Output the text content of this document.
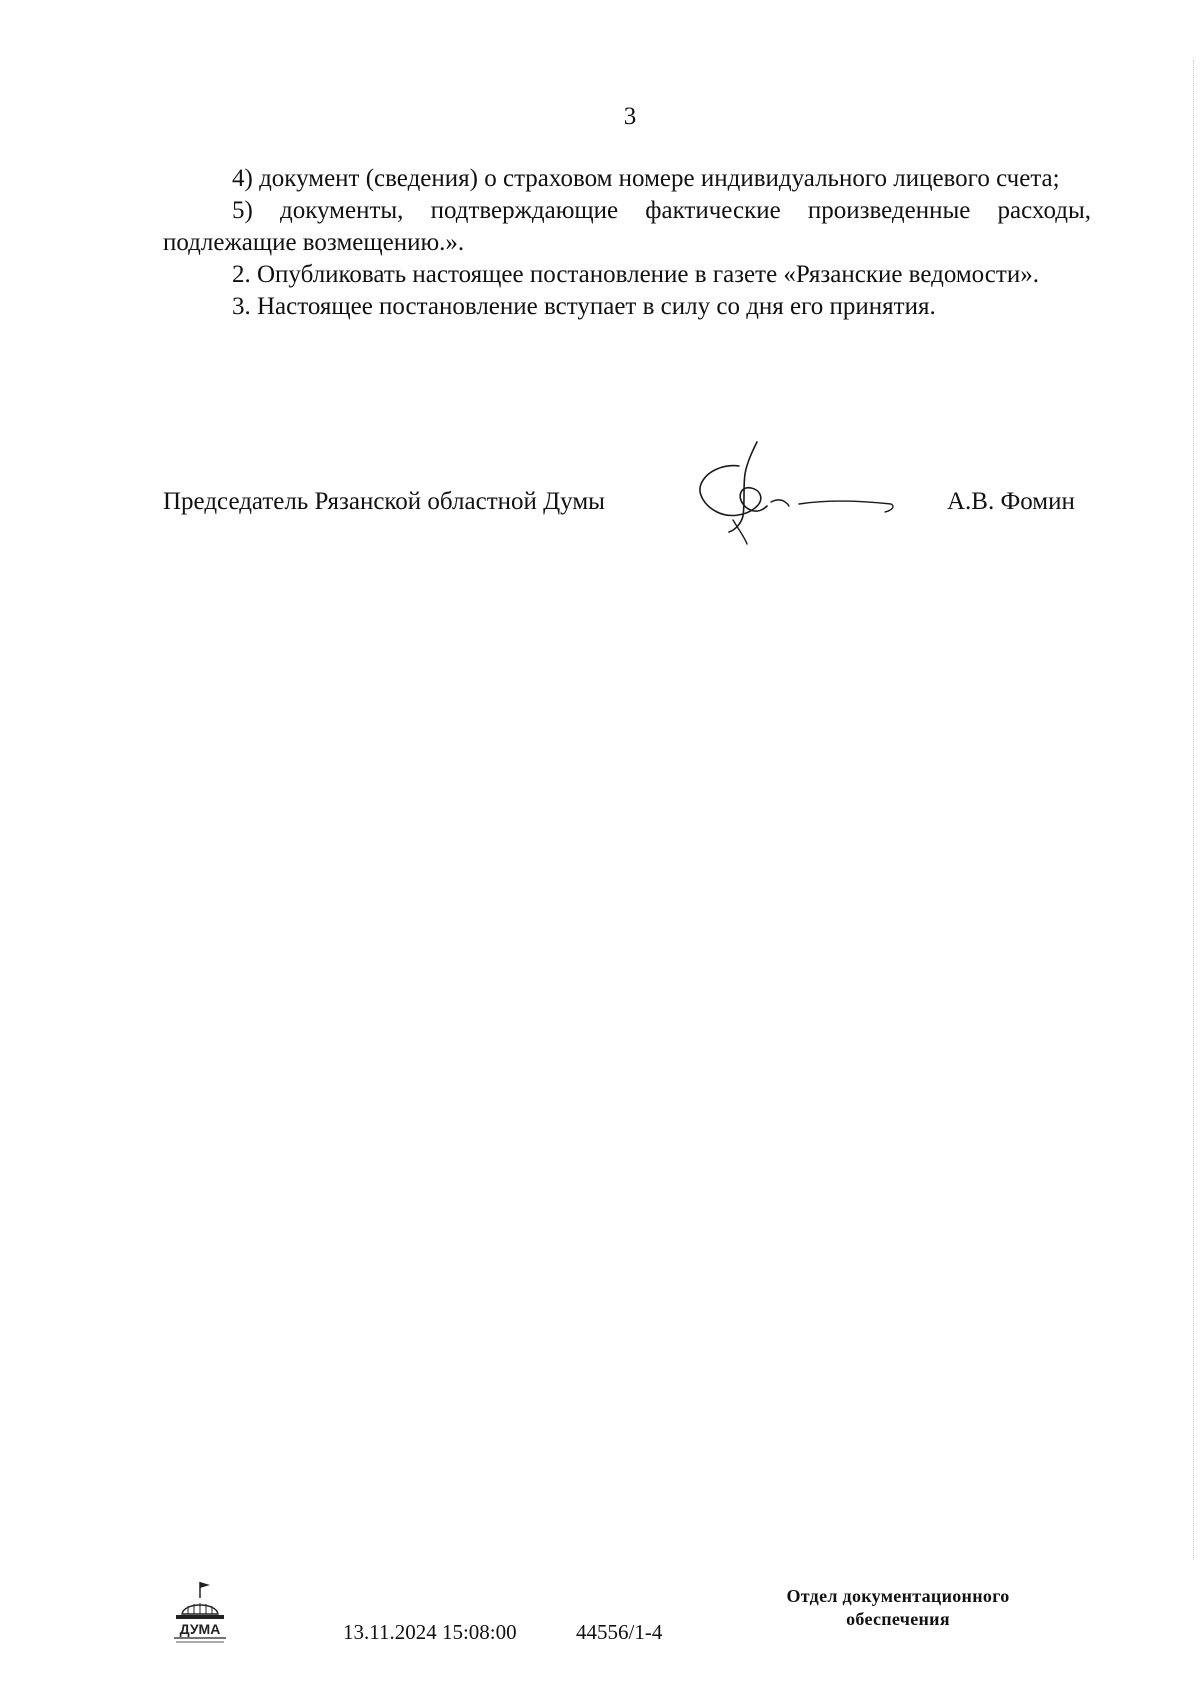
3

4) документ (сведения) о страховом номере индивидуального лицевого счета;

5) документы, подтверждающие фактические произведенные расходы, подлежащие возмещению.».

2. Опубликовать настоящее постановление в газете «Рязанские ведомости».

3. Настоящее постановление вступает в силу со дня его принятия.

Председатель Рязанской областной Думы	А.В. Фомин
ДУМА	13.11.2024 15:08:00	44556/1-4
Отдел документационного обеспечения
